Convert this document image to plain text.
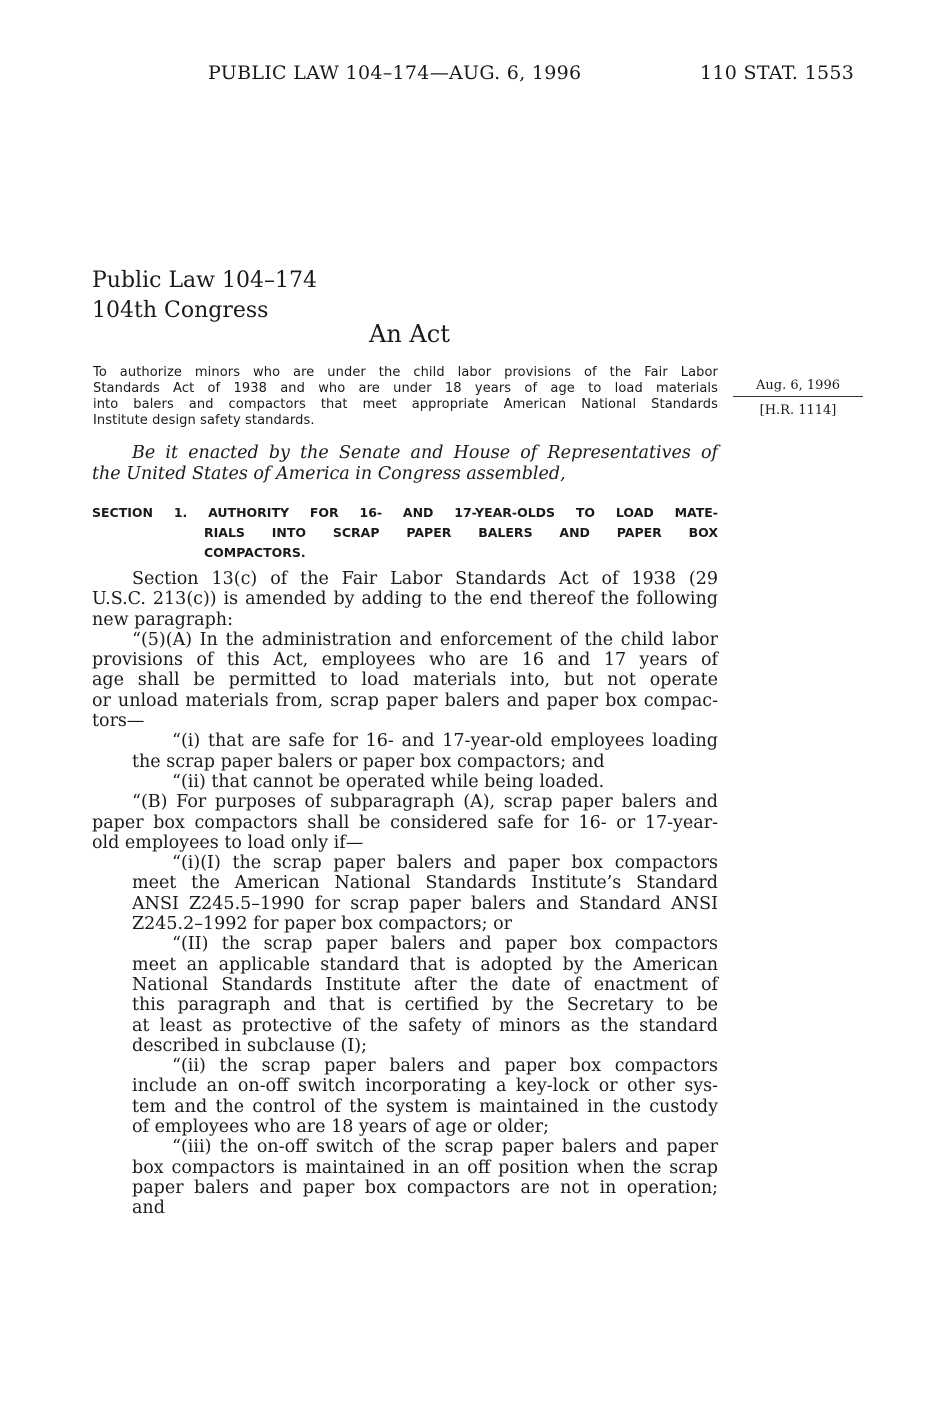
PUBLIC LAW 104–174—AUG. 6, 1996	110 STAT. 1553
Public Law 104–174
104th Congress
An Act
To authorize minors who are under the child labor provisions of the Fair Labor
Standards Act of 1938 and who are under 18 years of age to load materials
into balers and compactors that meet appropriate American National Standards
Institute design safety standards.
Aug. 6, 1996
[H.R. 1114]
Be it enacted by the Senate and House of Representatives of
the United States of America in Congress assembled,
SECTION 1. AUTHORITY FOR 16- AND 17-YEAR-OLDS TO LOAD MATE-
RIALS INTO SCRAP PAPER BALERS AND PAPER BOX
COMPACTORS.
Section 13(c) of the Fair Labor Standards Act of 1938 (29
U.S.C. 213(c)) is amended by adding to the end thereof the following
new paragraph:
“(5)(A) In the administration and enforcement of the child labor
provisions of this Act, employees who are 16 and 17 years of
age shall be permitted to load materials into, but not operate
or unload materials from, scrap paper balers and paper box compac-
tors—
“(i) that are safe for 16- and 17-year-old employees loading
the scrap paper balers or paper box compactors; and
“(ii) that cannot be operated while being loaded.
“(B) For purposes of subparagraph (A), scrap paper balers and
paper box compactors shall be considered safe for 16- or 17-year-
old employees to load only if—
“(i)(I) the scrap paper balers and paper box compactors
meet the American National Standards Institute’s Standard
ANSI Z245.5–1990 for scrap paper balers and Standard ANSI
Z245.2–1992 for paper box compactors; or
“(II) the scrap paper balers and paper box compactors
meet an applicable standard that is adopted by the American
National Standards Institute after the date of enactment of
this paragraph and that is certified by the Secretary to be
at least as protective of the safety of minors as the standard
described in subclause (I);
“(ii) the scrap paper balers and paper box compactors
include an on-off switch incorporating a key-lock or other sys-
tem and the control of the system is maintained in the custody
of employees who are 18 years of age or older;
“(iii) the on-off switch of the scrap paper balers and paper
box compactors is maintained in an off position when the scrap
paper balers and paper box compactors are not in operation;
and
